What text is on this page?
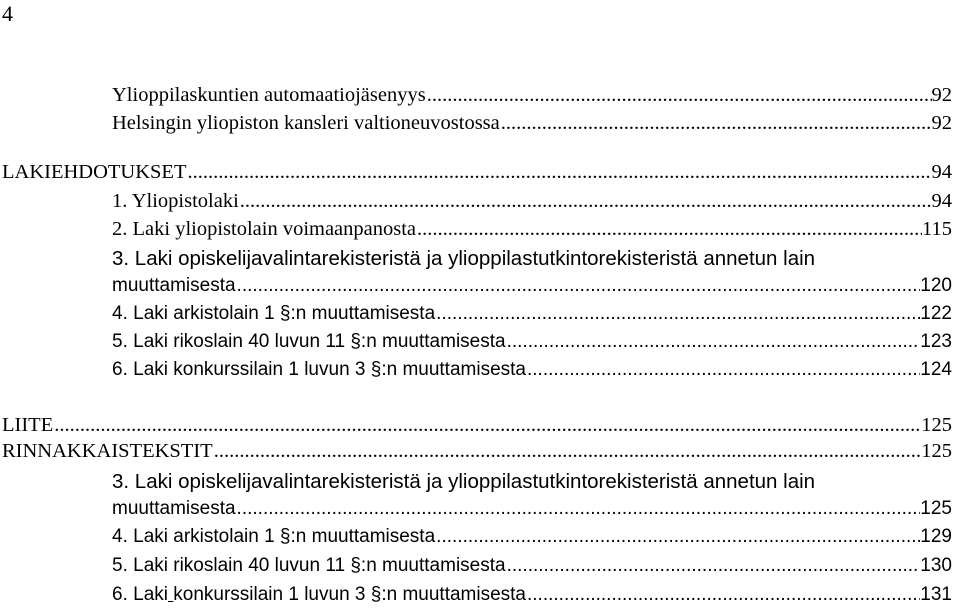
4
Ylioppilaskuntien automaatiojäsenyys .....	92
Helsingin yliopiston kansleri valtioneuvostossa .....	92
LAKIEHDOTUKSET .....	94
1. Yliopistolaki .....	94
2. Laki yliopistolain voimaanpanosta .....	115
3. Laki opiskelijavalintarekisteristä ja ylioppilastutkintorekisteristä annetun lain
muuttamisesta .....	120
4. Laki arkistolain 1 §:n muuttamisesta .....	122
5. Laki rikoslain 40 luvun 11 §:n muuttamisesta .....	123
6. Laki konkurssilain 1 luvun 3 §:n muuttamisesta .....	124
LIITE .....	125
RINNAKKAISTEKSTIT .....	125
3. Laki opiskelijavalintarekisteristä ja ylioppilastutkintorekisteristä annetun lain
muuttamisesta .....	125
4. Laki arkistolain 1 §:n muuttamisesta .....	129
5. Laki rikoslain 40 luvun 11 §:n muuttamisesta .....	130
6. Laki konkurssilain 1 luvun 3 §:n muuttamisesta .....	131
